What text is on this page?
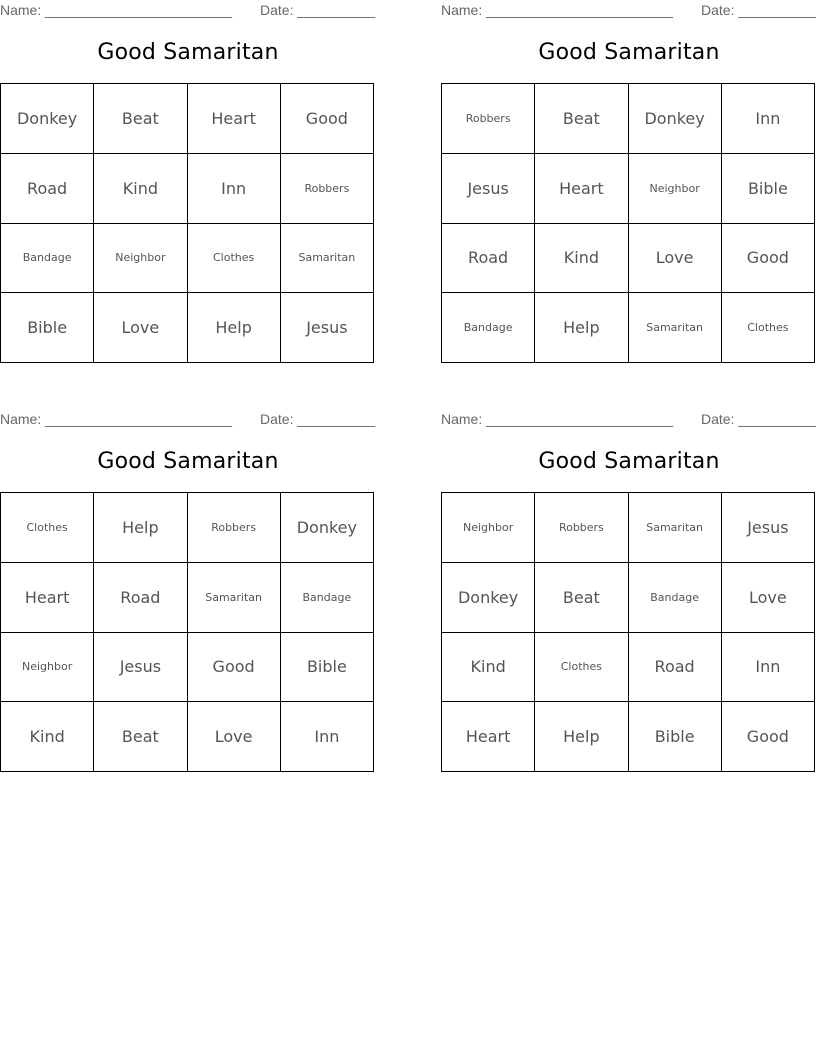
Name: ________________________ Date: __________
Good Samaritan
Donkey	Beat	Heart	Good
Road	Kind	Inn	Robbers
Bandage	Neighbor	Clothes	Samaritan
Bible	Love	Help	Jesus
Name: ________________________ Date: __________
Good Samaritan
Robbers	Beat	Donkey	Inn
Jesus	Heart	Neighbor	Bible
Road	Kind	Love	Good
Bandage	Help	Samaritan	Clothes
Name: ________________________ Date: __________
Good Samaritan
Clothes	Help	Robbers	Donkey
Heart	Road	Samaritan	Bandage
Neighbor	Jesus	Good	Bible
Kind	Beat	Love	Inn
Name: ________________________ Date: __________
Good Samaritan
Neighbor	Robbers	Samaritan	Jesus
Donkey	Beat	Bandage	Love
Kind	Clothes	Road	Inn
Heart	Help	Bible	Good
